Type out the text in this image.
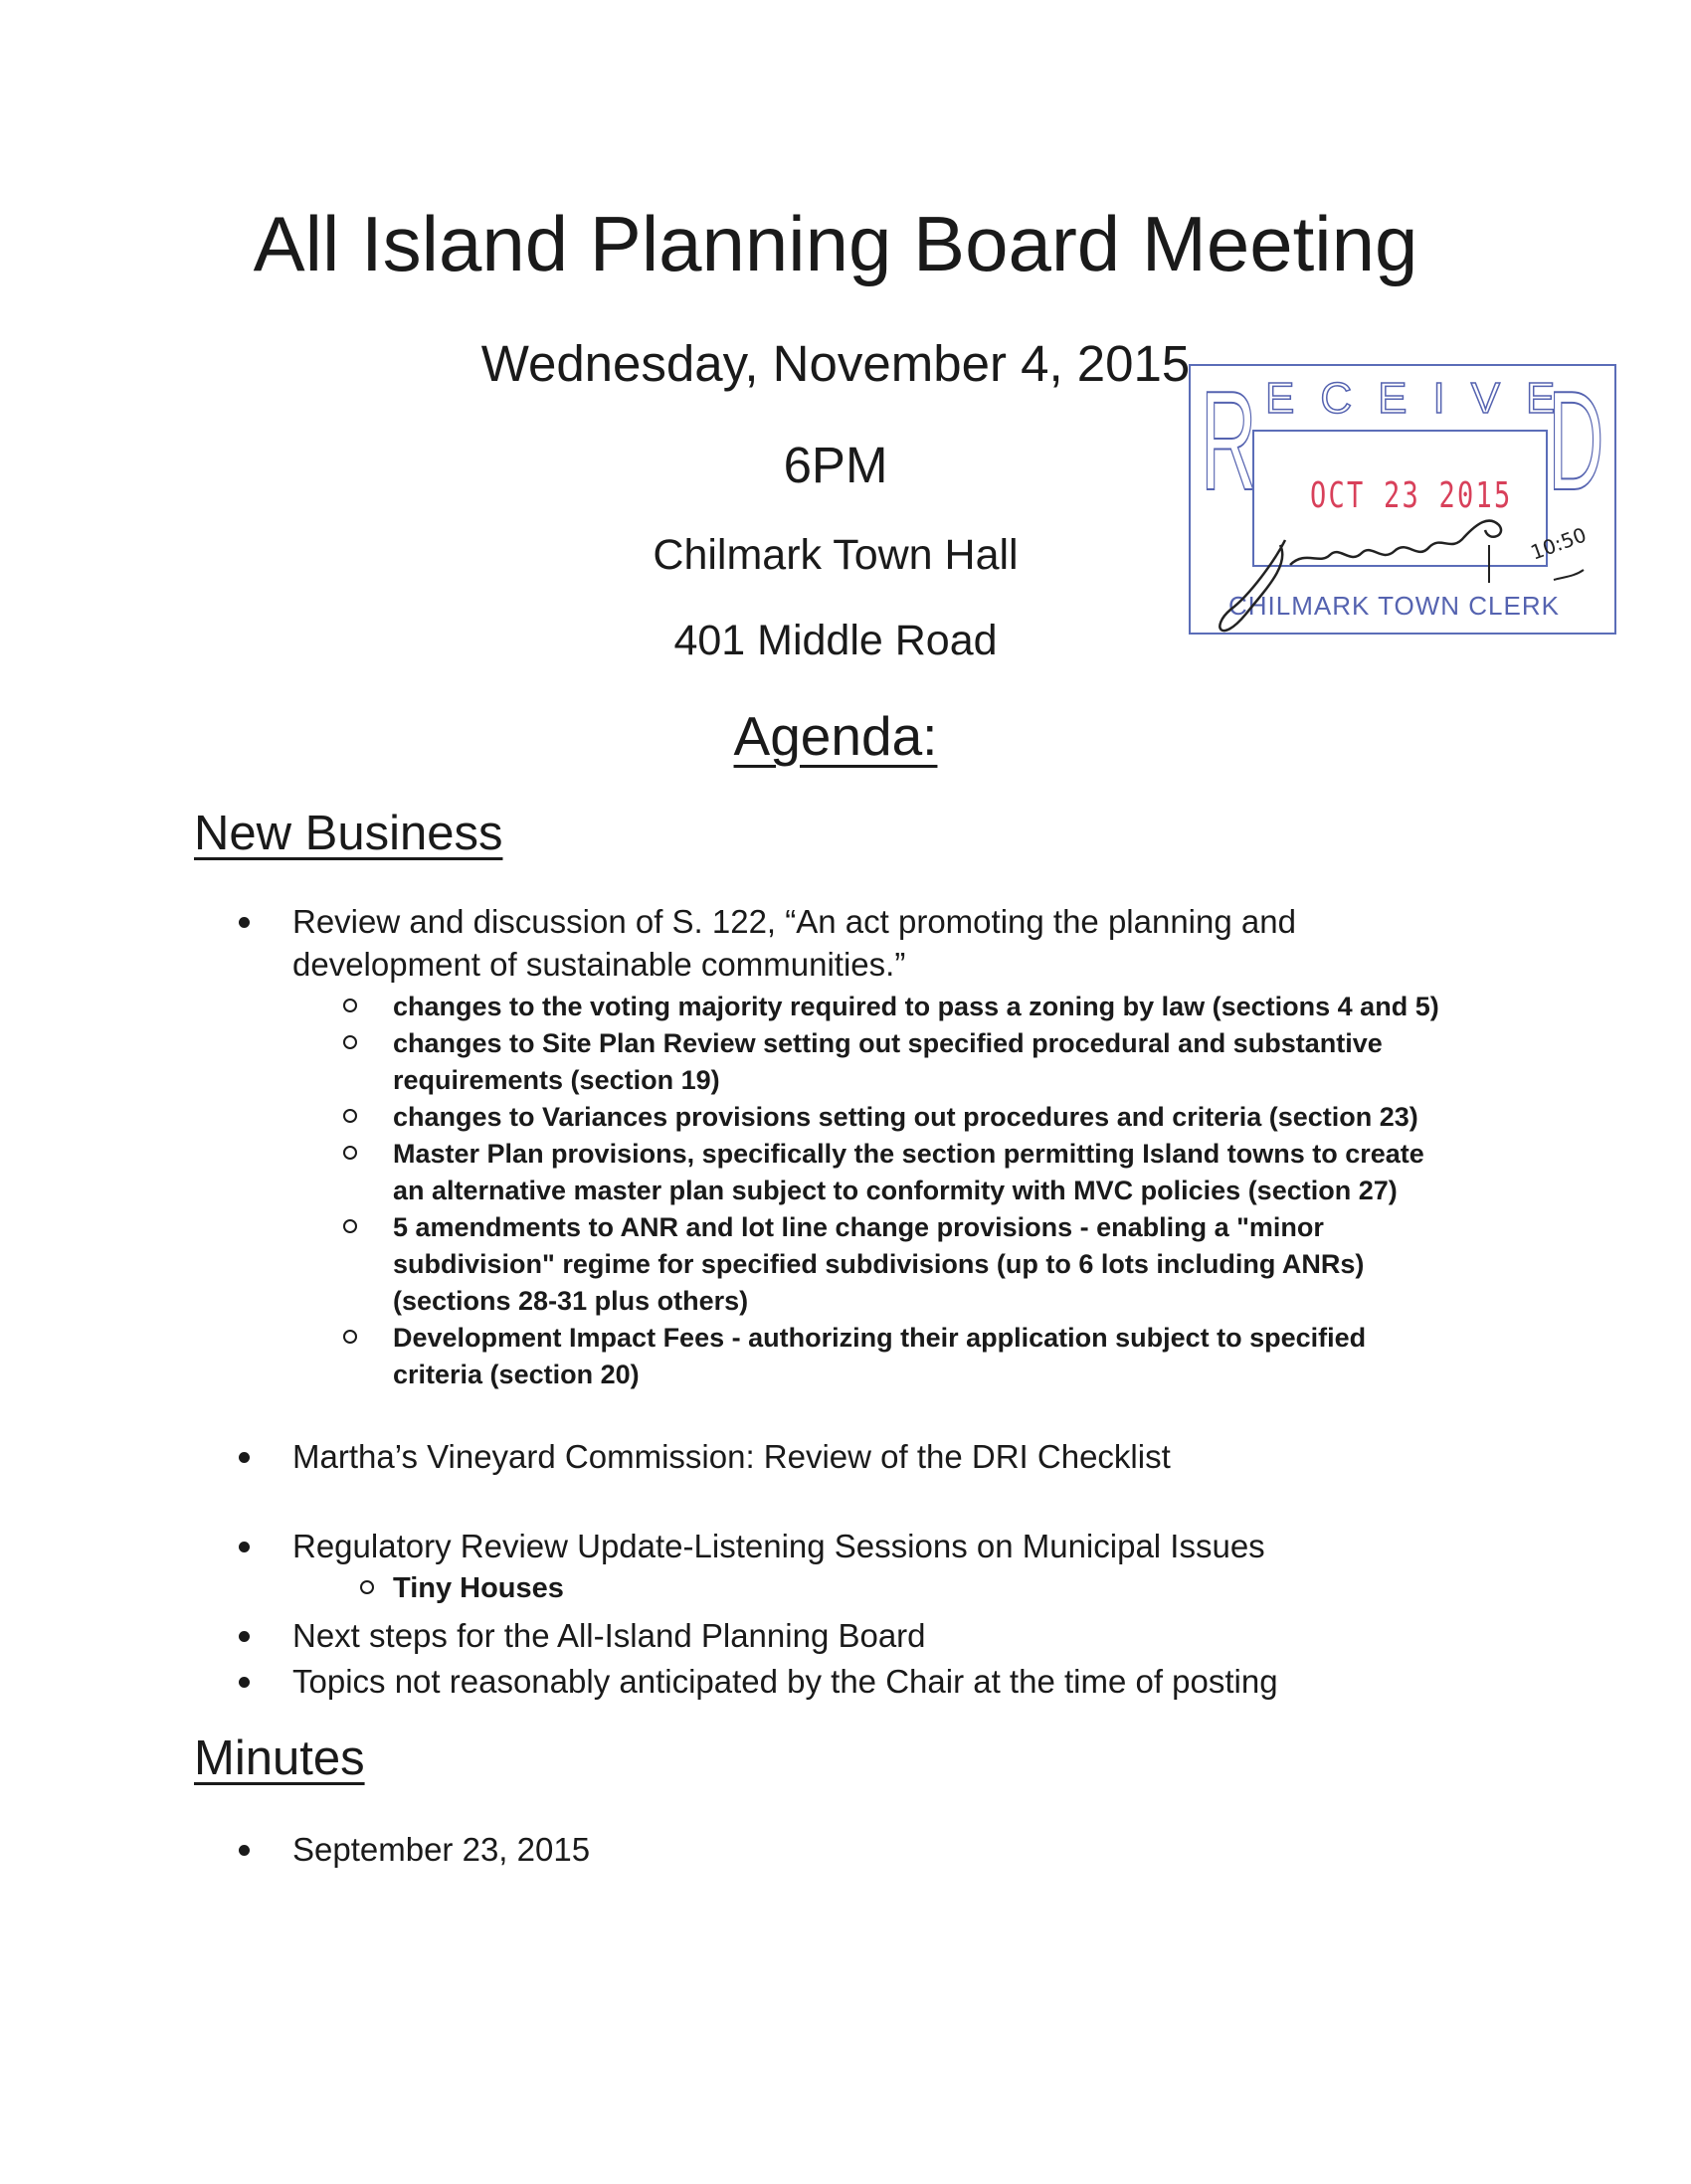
All Island Planning Board Meeting
Wednesday, November 4, 2015
6PM
Chilmark Town Hall
401 Middle Road
Agenda:
R ECEIVE
D
OCT 23 2015
CHILMARK TOWN CLERK
10:50
New Business
Review and discussion of S. 122, “An act promoting the planning and
development of sustainable communities.”
changes to the voting majority required to pass a zoning by law (sections 4 and 5)
changes to Site Plan Review setting out specified procedural and substantive
requirements (section 19)
changes to Variances provisions setting out procedures and criteria (section 23)
Master Plan provisions, specifically the section permitting Island towns to create
an alternative master plan subject to conformity with MVC policies (section 27)
5 amendments to ANR and lot line change provisions - enabling a "minor
subdivision" regime for specified subdivisions (up to 6 lots including ANRs)
(sections 28-31 plus others)
Development Impact Fees - authorizing their application subject to specified
criteria (section 20)
Martha’s Vineyard Commission: Review of the DRI Checklist
Regulatory Review Update-Listening Sessions on Municipal Issues
Tiny Houses
Next steps for the All-Island Planning Board
Topics not reasonably anticipated by the Chair at the time of posting
Minutes
September 23, 2015
